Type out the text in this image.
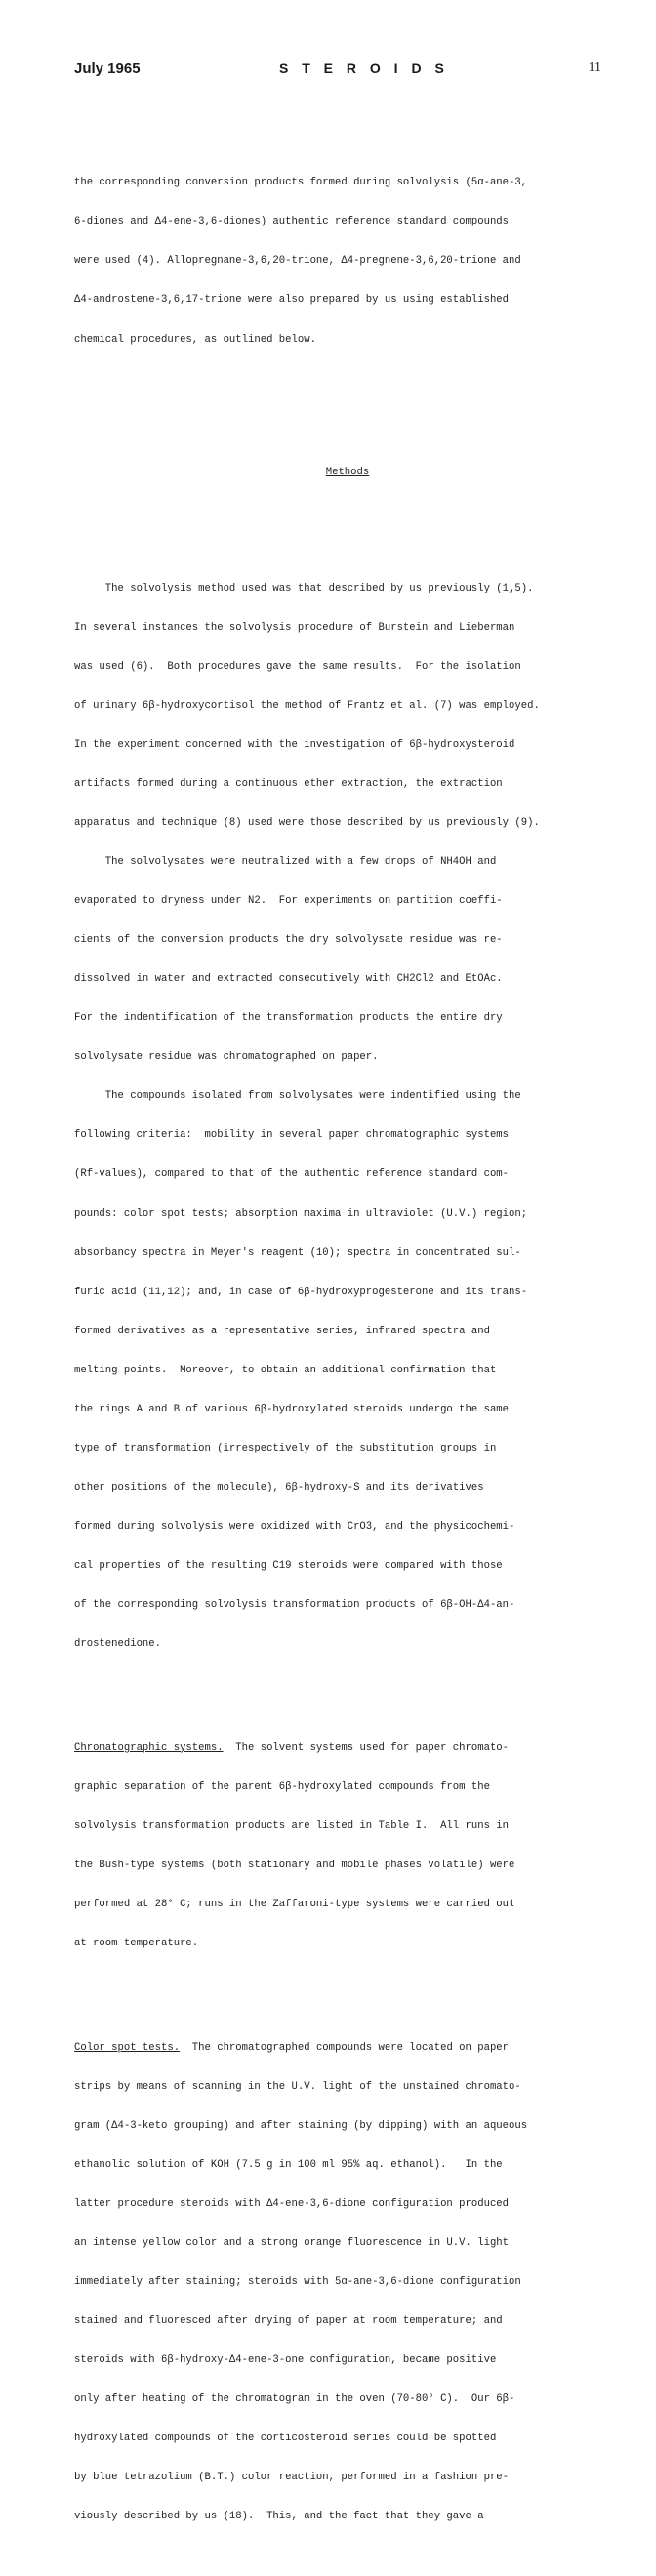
July 1965	S T E R O I D S	11

the corresponding conversion products formed during solvolysis (5α-ane-3,

6-diones and Δ4-ene-3,6-diones) authentic reference standard compounds

were used (4). Allopregnane-3,6,20-trione, Δ4-pregnene-3,6,20-trione and

Δ4-androstene-3,6,17-trione were also prepared by us using established

chemical procedures, as outlined below.

Methods

The solvolysis method used was that described by us previously (1,5).

In several instances the solvolysis procedure of Burstein and Lieberman

was used (6).  Both procedures gave the same results.  For the isolation

of urinary 6β-hydroxycortisol the method of Frantz et al. (7) was employed.

In the experiment concerned with the investigation of 6β-hydroxysteroid

artifacts formed during a continuous ether extraction, the extraction

apparatus and technique (8) used were those described by us previously (9).

The solvolysates were neutralized with a few drops of NH4OH and

evaporated to dryness under N2.  For experiments on partition coeffi-

cients of the conversion products the dry solvolysate residue was re-

dissolved in water and extracted consecutively with CH2Cl2 and EtOAc.

For the indentification of the transformation products the entire dry

solvolysate residue was chromatographed on paper.

The compounds isolated from solvolysates were indentified using the

following criteria:  mobility in several paper chromatographic systems

(Rf-values), compared to that of the authentic reference standard com-

pounds: color spot tests; absorption maxima in ultraviolet (U.V.) region;

absorbancy spectra in Meyer's reagent (10); spectra in concentrated sul-

furic acid (11,12); and, in case of 6β-hydroxyprogesterone and its trans-

formed derivatives as a representative series, infrared spectra and

melting points.  Moreover, to obtain an additional confirmation that

the rings A and B of various 6β-hydroxylated steroids undergo the same

type of transformation (irrespectively of the substitution groups in

other positions of the molecule), 6β-hydroxy-S and its derivatives

formed during solvolysis were oxidized with CrO3, and the physicochemi-

cal properties of the resulting C19 steroids were compared with those

of the corresponding solvolysis transformation products of 6β-OH-Δ4-an-

drostenedione.

Chromatographic systems.  The solvent systems used for paper chromato-

graphic separation of the parent 6β-hydroxylated compounds from the

solvolysis transformation products are listed in Table I.  All runs in

the Bush-type systems (both stationary and mobile phases volatile) were

performed at 28° C; runs in the Zaffaroni-type systems were carried out

at room temperature.

Color spot tests.  The chromatographed compounds were located on paper

strips by means of scanning in the U.V. light of the unstained chromato-

gram (Δ4-3-keto grouping) and after staining (by dipping) with an aqueous

ethanolic solution of KOH (7.5 g in 100 ml 95% aq. ethanol).   In the

latter procedure steroids with Δ4-ene-3,6-dione configuration produced

an intense yellow color and a strong orange fluorescence in U.V. light

immediately after staining; steroids with 5α-ane-3,6-dione configuration

stained and fluoresced after drying of paper at room temperature; and

steroids with 6β-hydroxy-Δ4-ene-3-one configuration, became positive

only after heating of the chromatogram in the oven (70-80° C).  Our 6β-

hydroxylated compounds of the corticosteroid series could be spotted

by blue tetrazolium (B.T.) color reaction, performed in a fashion pre-

viously described by us (18).  This, and the fact that they gave a
